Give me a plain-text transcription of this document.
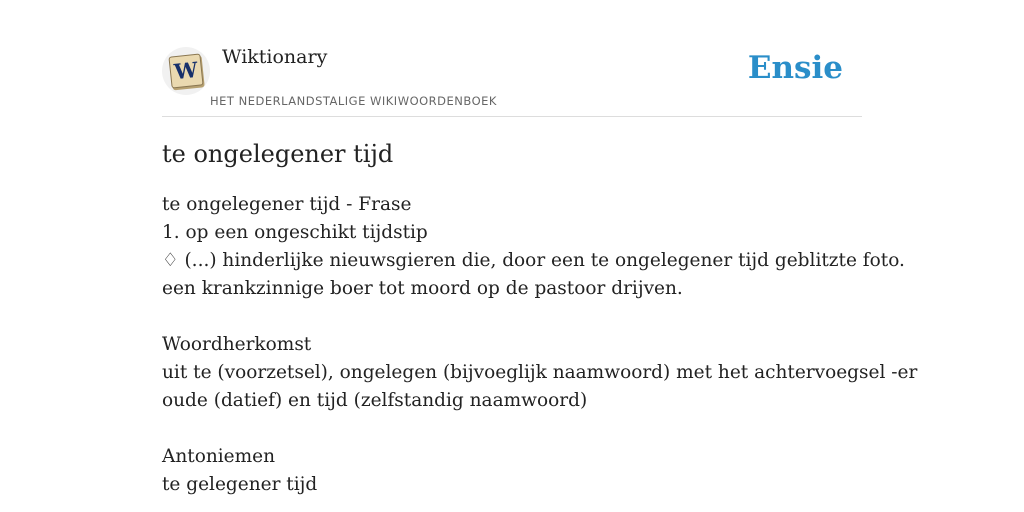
W Wiktionary
HET NEDERLANDSTALIGE WIKIWOORDENBOEK
Ensie
te ongelegener tijd
te ongelegener tijd - Frase
1. op een ongeschikt tijdstip
♢ (...) hinderlijke nieuwsgieren die, door een te ongelegener tijd geblitzte foto.
een krankzinnige boer tot moord op de pastoor drijven.
Woordherkomst
uit te (voorzetsel), ongelegen (bijvoeglijk naamwoord) met het achtervoegsel -er
oude (datief) en tijd (zelfstandig naamwoord)
Antoniemen
te gelegener tijd
